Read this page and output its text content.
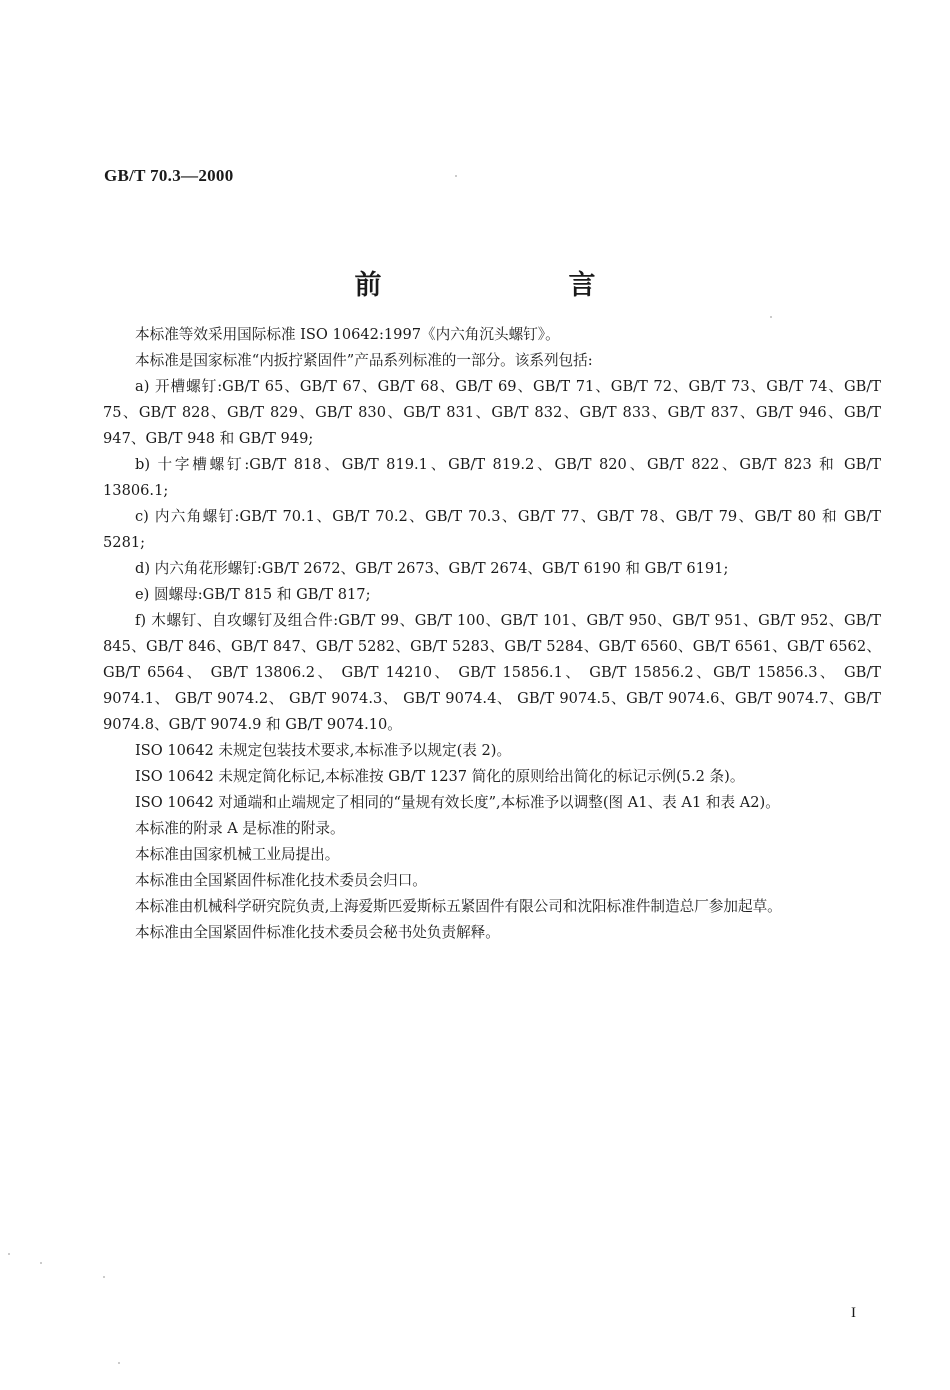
GB/T 70.3—2000
前　言

本标准等效采用国际标准 ISO 10642:1997《内六角沉头螺钉》。

本标准是国家标准“内扳拧紧固件”产品系列标准的一部分。该系列包括:

a) 开槽螺钉:GB/T 65、GB/T 67、GB/T 68、GB/T 69、GB/T 71、GB/T 72、GB/T 73、GB/T 74、GB/T 75、GB/T 828、GB/T 829、GB/T 830、GB/T 831、GB/T 832、GB/T 833、GB/T 837、GB/T 946、GB/T 947、GB/T 948 和 GB/T 949;

b) 十字槽螺钉:GB/T 818、GB/T 819.1、GB/T 819.2、GB/T 820、GB/T 822、GB/T 823 和 GB/T 13806.1;

c) 内六角螺钉:GB/T 70.1、GB/T 70.2、GB/T 70.3、GB/T 77、GB/T 78、GB/T 79、GB/T 80 和 GB/T 5281;

d) 内六角花形螺钉:GB/T 2672、GB/T 2673、GB/T 2674、GB/T 6190 和 GB/T 6191;

e) 圆螺母:GB/T 815 和 GB/T 817;

f) 木螺钉、自攻螺钉及组合件:GB/T 99、GB/T 100、GB/T 101、GB/T 950、GB/T 951、GB/T 952、GB/T 845、GB/T 846、GB/T 847、GB/T 5282、GB/T 5283、GB/T 5284、GB/T 6560、GB/T 6561、GB/T 6562、 GB/T 6564、 GB/T 13806.2、 GB/T 14210、 GB/T 15856.1、 GB/T 15856.2、GB/T 15856.3、 GB/T 9074.1、 GB/T 9074.2、 GB/T 9074.3、 GB/T 9074.4、 GB/T 9074.5、GB/T 9074.6、GB/T 9074.7、GB/T 9074.8、GB/T 9074.9 和 GB/T 9074.10。

ISO 10642 未规定包装技术要求,本标准予以规定(表 2)。

ISO 10642 未规定简化标记,本标准按 GB/T 1237 简化的原则给出简化的标记示例(5.2 条)。

ISO 10642 对通端和止端规定了相同的“量规有效长度”,本标准予以调整(图 A1、表 A1 和表 A2)。

本标准的附录 A 是标准的附录。

本标准由国家机械工业局提出。

本标准由全国紧固件标准化技术委员会归口。

本标准由机械科学研究院负责,上海爱斯匹爱斯标五紧固件有限公司和沈阳标准件制造总厂参加起草。

本标准由全国紧固件标准化技术委员会秘书处负责解释。

I
